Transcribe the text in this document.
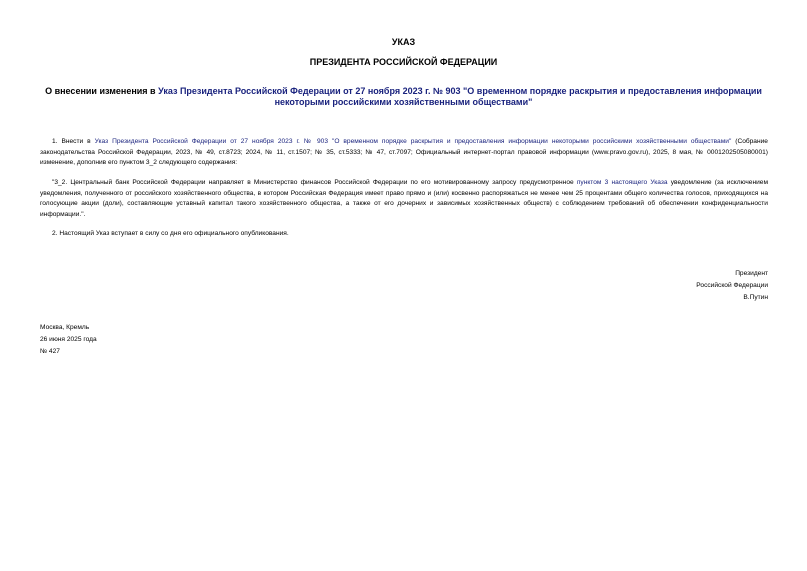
УКАЗ
ПРЕЗИДЕНТА РОССИЙСКОЙ ФЕДЕРАЦИИ
О внесении изменения в Указ Президента Российской Федерации от 27 ноября 2023 г. № 903 "О временном порядке раскрытия и предоставления информации некоторыми российскими хозяйственными обществами"
1. Внести в Указ Президента Российской Федерации от 27 ноября 2023 г. № 903 "О временном порядке раскрытия и предоставления информации некоторыми российскими хозяйственными обществами" (Собрание законодательства Российской Федерации, 2023, № 49, ст.8723; 2024, № 11, ст.1507; № 35, ст.5333; № 47, ст.7097; Официальный интернет-портал правовой информации (www.pravo.gov.ru), 2025, 8 мая, № 0001202505080001) изменение, дополнив его пунктом 3_2 следующего содержания:
"3_2. Центральный банк Российской Федерации направляет в Министерство финансов Российской Федерации по его мотивированному запросу предусмотренное пунктом 3 настоящего Указа уведомление (за исключением уведомления, полученного от российского хозяйственного общества, в котором Российская Федерация имеет право прямо и (или) косвенно распоряжаться не менее чем 25 процентами общего количества голосов, приходящихся на голосующие акции (доли), составляющие уставный капитал такого хозяйственного общества, а также от его дочерних и зависимых хозяйственных обществ) с соблюдением требований об обеспечении конфиденциальности информации.".
2. Настоящий Указ вступает в силу со дня его официального опубликования.
Президент
Российской Федерации
В.Путин
Москва, Кремль
26 июня 2025 года
№ 427
